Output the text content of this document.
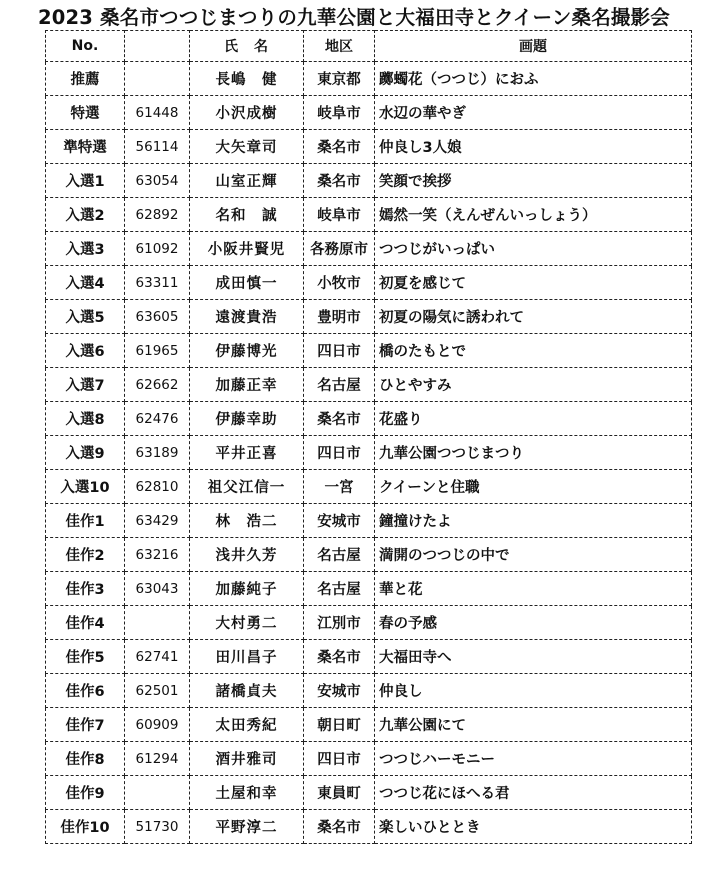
2023 桑名市つつじまつりの九華公園と大福田寺とクイーン桑名撮影会
No.		氏　名	地区	画題
推薦		長嶋　健	東京都	躑蠋花（つつじ）におふ
特選	61448	小沢成樹	岐阜市	水辺の華やぎ
準特選	56114	大矢章司	桑名市	仲良し3人娘
入選1	63054	山室正輝	桑名市	笑顔で挨拶
入選2	62892	名和　誠	岐阜市	嫣然一笑（えんぜんいっしょう）
入選3	61092	小阪井賢児	各務原市	つつじがいっぱい
入選4	63311	成田慎一	小牧市	初夏を感じて
入選5	63605	遠渡貴浩	豊明市	初夏の陽気に誘われて
入選6	61965	伊藤博光	四日市	橋のたもとで
入選7	62662	加藤正幸	名古屋	ひとやすみ
入選8	62476	伊藤幸助	桑名市	花盛り
入選9	63189	平井正喜	四日市	九華公園つつじまつり
入選10	62810	祖父江信一	一宮	クイーンと住職
佳作1	63429	林　浩二	安城市	鐘撞けたよ
佳作2	63216	浅井久芳	名古屋	満開のつつじの中で
佳作3	63043	加藤純子	名古屋	華と花
佳作4		大村勇二	江別市	春の予感
佳作5	62741	田川昌子	桑名市	大福田寺へ
佳作6	62501	諸橋貞夫	安城市	仲良し
佳作7	60909	太田秀紀	朝日町	九華公園にて
佳作8	61294	酒井雅司	四日市	つつじハーモニー
佳作9		土屋和幸	東員町	つつじ花にほへる君
佳作10	51730	平野淳二	桑名市	楽しいひととき
